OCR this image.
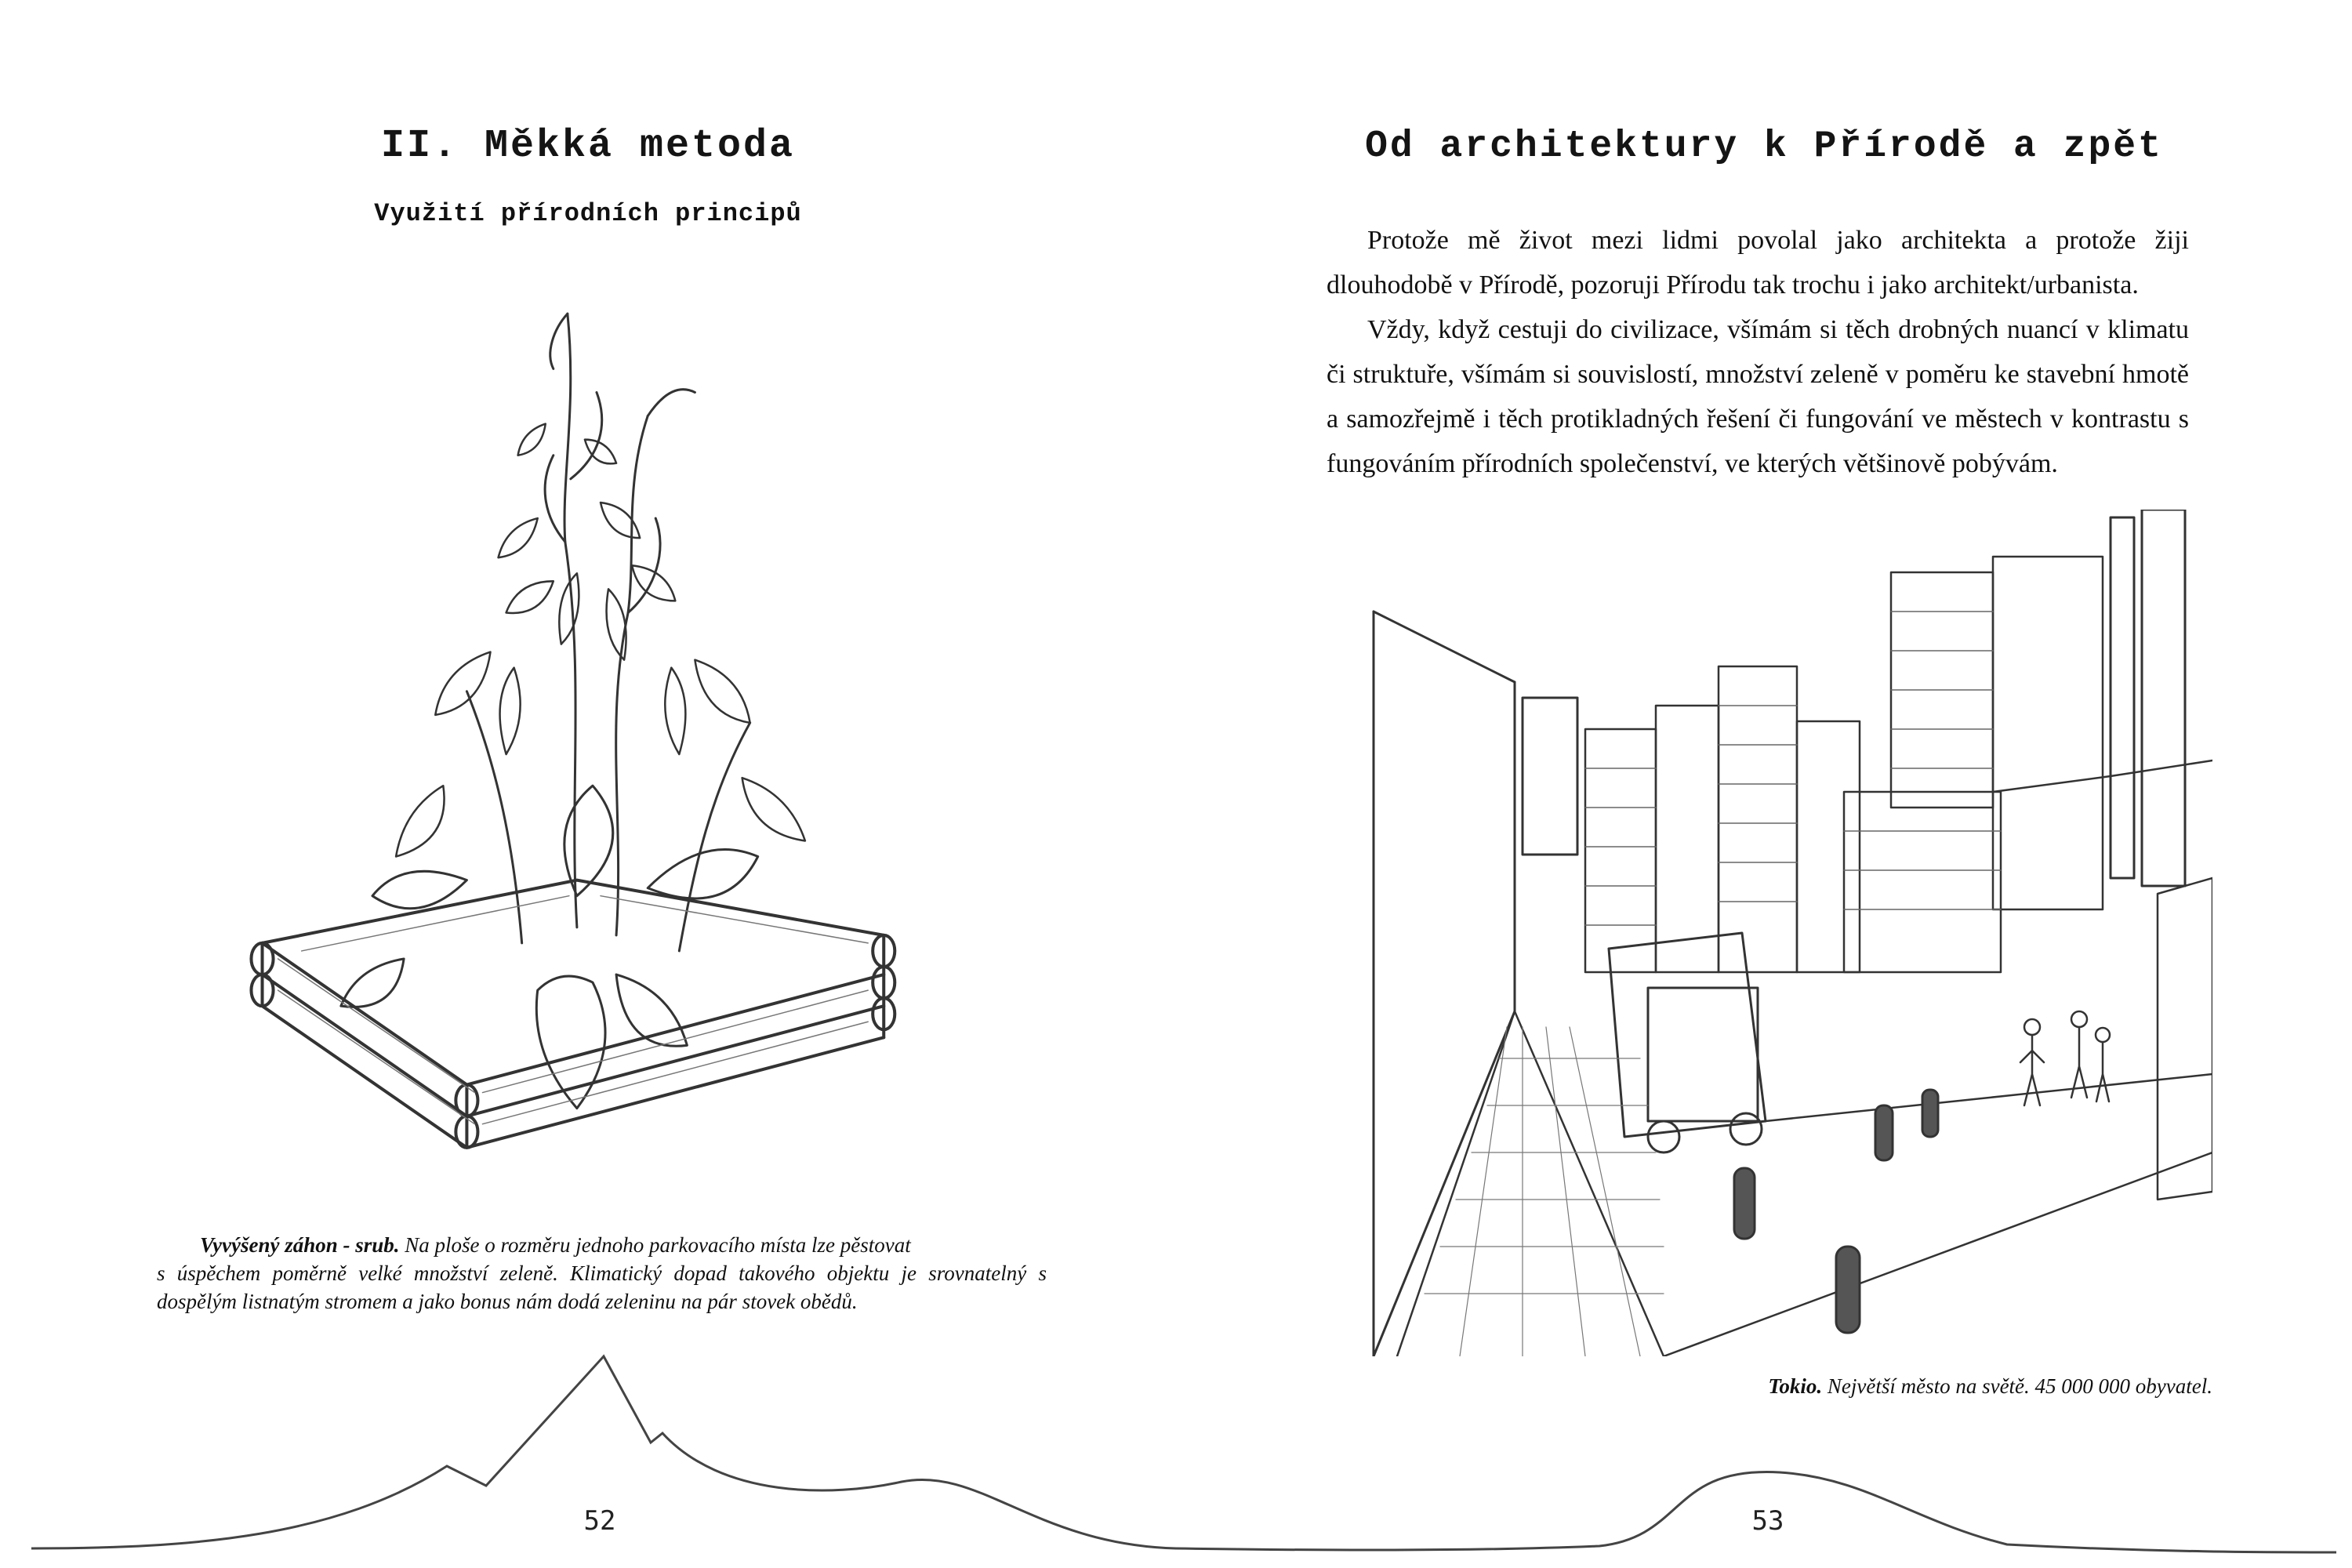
II. Měkká metoda
Využití přírodních principů

Vyvýšený záhon - srub. Na ploše o rozměru jednoho parkovacího místa lze pěstovat
s úspěchem poměrně velké množství zeleně. Klimatický dopad takového objektu je srovnatelný s dospělým listnatým stromem a jako bonus nám dodá zeleninu na pár stovek obědů.

52

Od architektury k Přírodě a zpět

Protože mě život mezi lidmi povolal jako architekta a protože žiji dlouhodobě v Přírodě, pozoruji Přírodu tak trochu i jako architekt/urbanista.

Vždy, když cestuji do civilizace, všímám si těch drobných nuancí v klimatu či struktuře, všímám si souvislostí, množství zeleně v poměru ke stavební hmotě a samozřejmě i těch protikladných řešení či fungování ve městech v kontrastu s fungováním přírodních společenství, ve kterých většinově pobývám.

Tokio. Největší město na světě. 45 000 000 obyvatel.

53
